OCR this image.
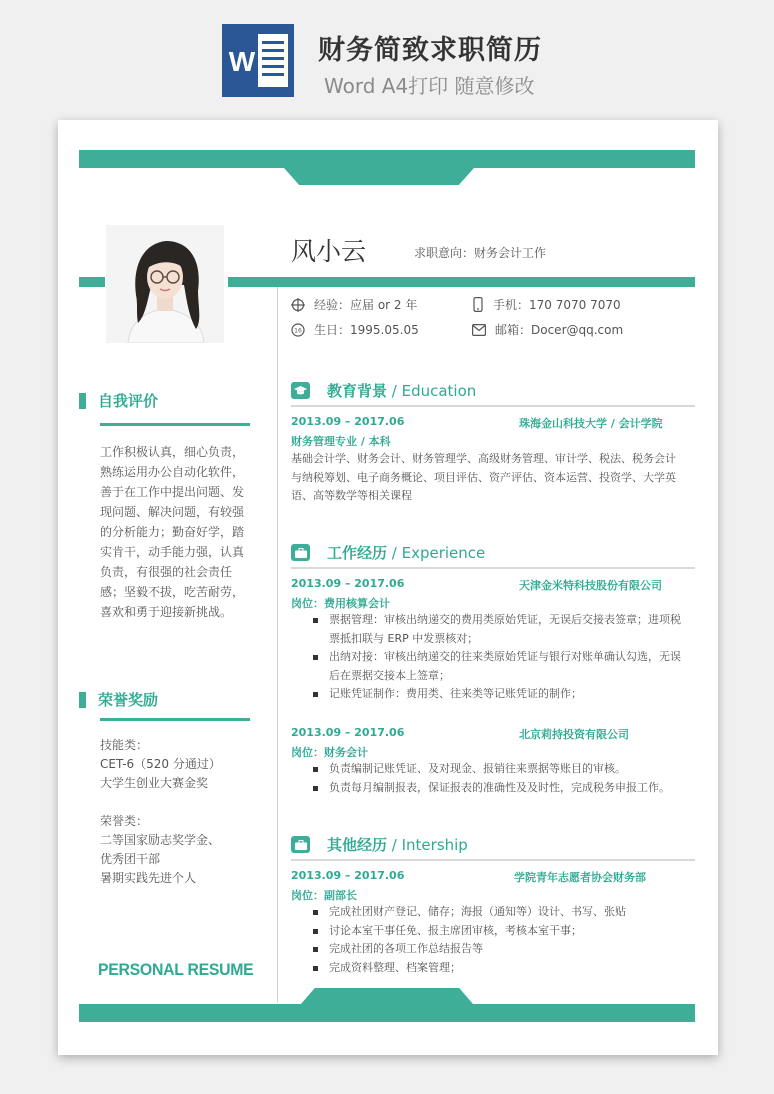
W 财务简致求职简历
Word A4打印 随意修改
风小云	求职意向：财务会计工作
经验：应届 or 2 年	手机：170 7070 7070
16 生日：1995.05.05	邮箱：Docer@qq.com
自我评价

工作积极认真，细心负责，

熟练运用办公自动化软件，

善于在工作中提出问题、发

现问题、解决问题，有较强

的分析能力；勤奋好学，踏

实肯干，动手能力强，认真

负责，有很强的社会责任

感；坚毅不拔，吃苦耐劳，

喜欢和勇于迎接新挑战。

荣誉奖励

技能类：

CET-6（520 分通过）

大学生创业大赛金奖

荣誉类：

二等国家励志奖学金、

优秀团干部

暑期实践先进个人

PERSONAL RESUME
教育背景 / Education
2013.09 – 2017.06	珠海金山科技大学 / 会计学院
财务管理专业 / 本科

基础会计学、财务会计、财务管理学、高级财务管理、审计学、税法、税务会计

与纳税筹划、电子商务概论、项目评估、资产评估、资本运营、投资学、大学英

语、高等数学等相关课程

工作经历 / Experience
2013.09 – 2017.06	天津金米特科技股份有限公司
岗位：费用核算会计
票据管理：审核出纳递交的费用类原始凭证，无误后交接表签章；进项税
票抵扣联与 ERP 中发票核对；
出纳对接：审核出纳递交的往来类原始凭证与银行对账单确认勾选，无误
后在票据交接本上签章；
记账凭证制作：费用类、往来类等记账凭证的制作；
2013.09 – 2017.06	北京莉持投资有限公司
岗位：财务会计
负责编制记账凭证、及对现金、报销往来票据等账目的审核。
负责每月编制报表，保证报表的准确性及及时性，完成税务申报工作。
其他经历 / Intership
2013.09 – 2017.06	学院青年志愿者协会财务部
岗位：副部长
完成社团财产登记、储存；海报（通知等）设计、书写、张贴
讨论本室干事任免、报主席团审核，考核本室干事；
完成社团的各项工作总结报告等
完成资料整理、档案管理；
